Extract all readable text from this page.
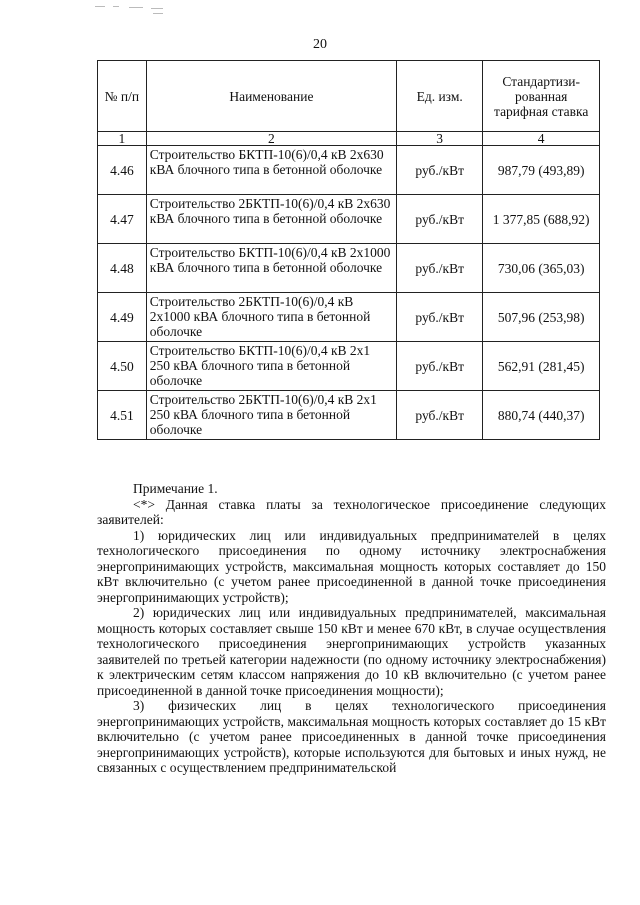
20
№ п/п	Наименование	Ед. изм.	Стандартизи-рованная тарифная ставка
1	2	3	4
4.46	Строительство БКТП-10(6)/0,4 кВ 2х630 кВА блочного типа в бетонной оболочке	руб./кВт	987,79 (493,89)
4.47	Строительство 2БКТП-10(6)/0,4 кВ 2х630 кВА блочного типа в бетонной оболочке	руб./кВт	1 377,85 (688,92)
4.48	Строительство БКТП-10(6)/0,4 кВ 2х1000 кВА блочного типа в бетонной оболочке	руб./кВт	730,06 (365,03)
4.49	Строительство 2БКТП-10(6)/0,4 кВ 2х1000 кВА блочного типа в бетонной оболочке	руб./кВт	507,96 (253,98)
4.50	Строительство БКТП-10(6)/0,4 кВ 2х1 250 кВА блочного типа в бетонной оболочке	руб./кВт	562,91 (281,45)
4.51	Строительство 2БКТП-10(6)/0,4 кВ 2х1 250 кВА блочного типа в бетонной оболочке	руб./кВт	880,74 (440,37)

Примечание 1.

<*> Данная ставка платы за технологическое присоединение следующих заявителей:

1) юридических лиц или индивидуальных предпринимателей в целях технологического присоединения по одному источнику электроснабжения энергопринимающих устройств, максимальная мощность которых составляет до 150 кВт включительно (с учетом ранее присоединенной в данной точке присоединения энергопринимающих устройств);

2) юридических лиц или индивидуальных предпринимателей, максимальная мощность которых составляет свыше 150 кВт и менее 670 кВт, в случае осуществления технологического присоединения энергопринимающих устройств указанных заявителей по третьей категории надежности (по одному источнику электроснабжения) к электрическим сетям классом напряжения до 10 кВ включительно (с учетом ранее присоединенной в данной точке присоединения мощности);

3) физических лиц в целях технологического присоединения энергопринимающих устройств, максимальная мощность которых составляет до 15 кВт включительно (с учетом ранее присоединенных в данной точке присоединения энергопринимающих устройств), которые используются для бытовых и иных нужд, не связанных с осуществлением предпринимательской
